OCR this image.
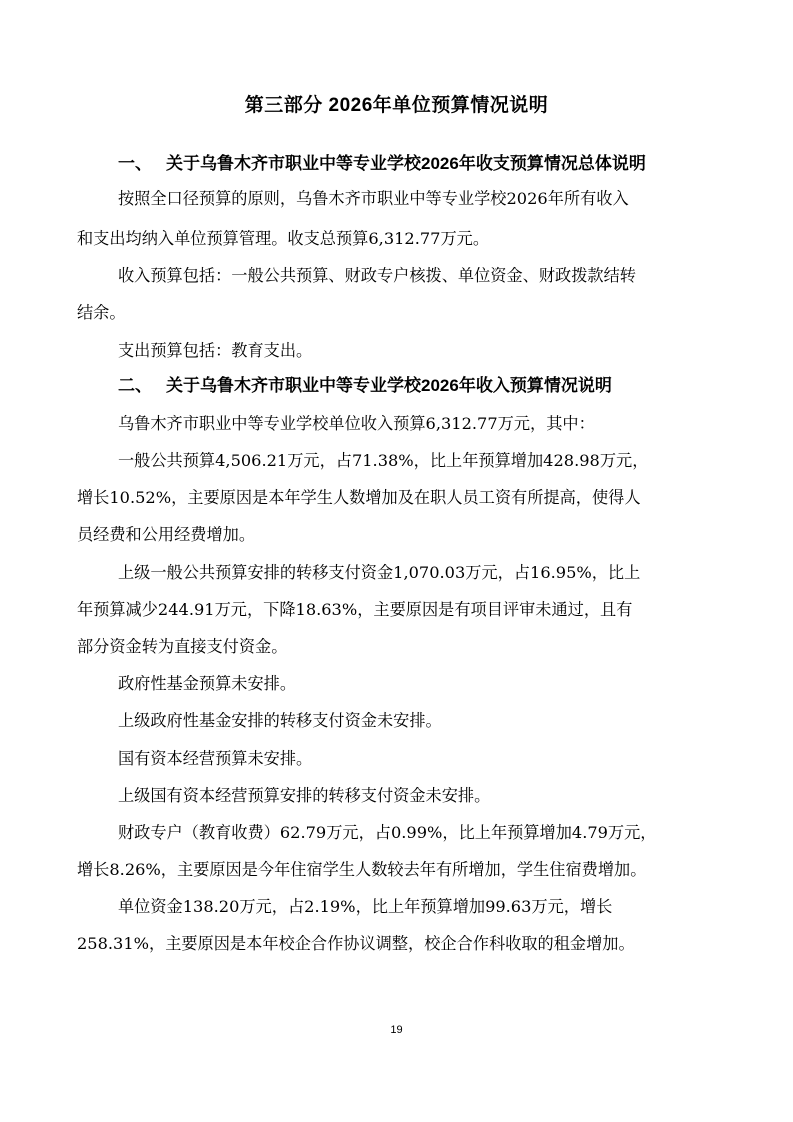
第三部分 2026年单位预算情况说明
一、 关于乌鲁木齐市职业中等专业学校2026年收支预算情况总体说明
按照全口径预算的原则，乌鲁木齐市职业中等专业学校2026年所有收入
和支出均纳入单位预算管理。收支总预算6,312.77万元。
收入预算包括：一般公共预算、财政专户核拨、单位资金、财政拨款结转
结余。
支出预算包括：教育支出。
二、 关于乌鲁木齐市职业中等专业学校2026年收入预算情况说明
乌鲁木齐市职业中等专业学校单位收入预算6,312.77万元，其中：
一般公共预算4,506.21万元，占71.38%，比上年预算增加428.98万元，
增长10.52%，主要原因是本年学生人数增加及在职人员工资有所提高，使得人
员经费和公用经费增加。
上级一般公共预算安排的转移支付资金1,070.03万元，占16.95%，比上
年预算减少244.91万元，下降18.63%，主要原因是有项目评审未通过，且有
部分资金转为直接支付资金。
政府性基金预算未安排。
上级政府性基金安排的转移支付资金未安排。
国有资本经营预算未安排。
上级国有资本经营预算安排的转移支付资金未安排。
财政专户（教育收费）62.79万元，占0.99%，比上年预算增加4.79万元，
增长8.26%，主要原因是今年住宿学生人数较去年有所增加，学生住宿费增加。
单位资金138.20万元，占2.19%，比上年预算增加99.63万元，增长
258.31%，主要原因是本年校企合作协议调整，校企合作科收取的租金增加。
19
